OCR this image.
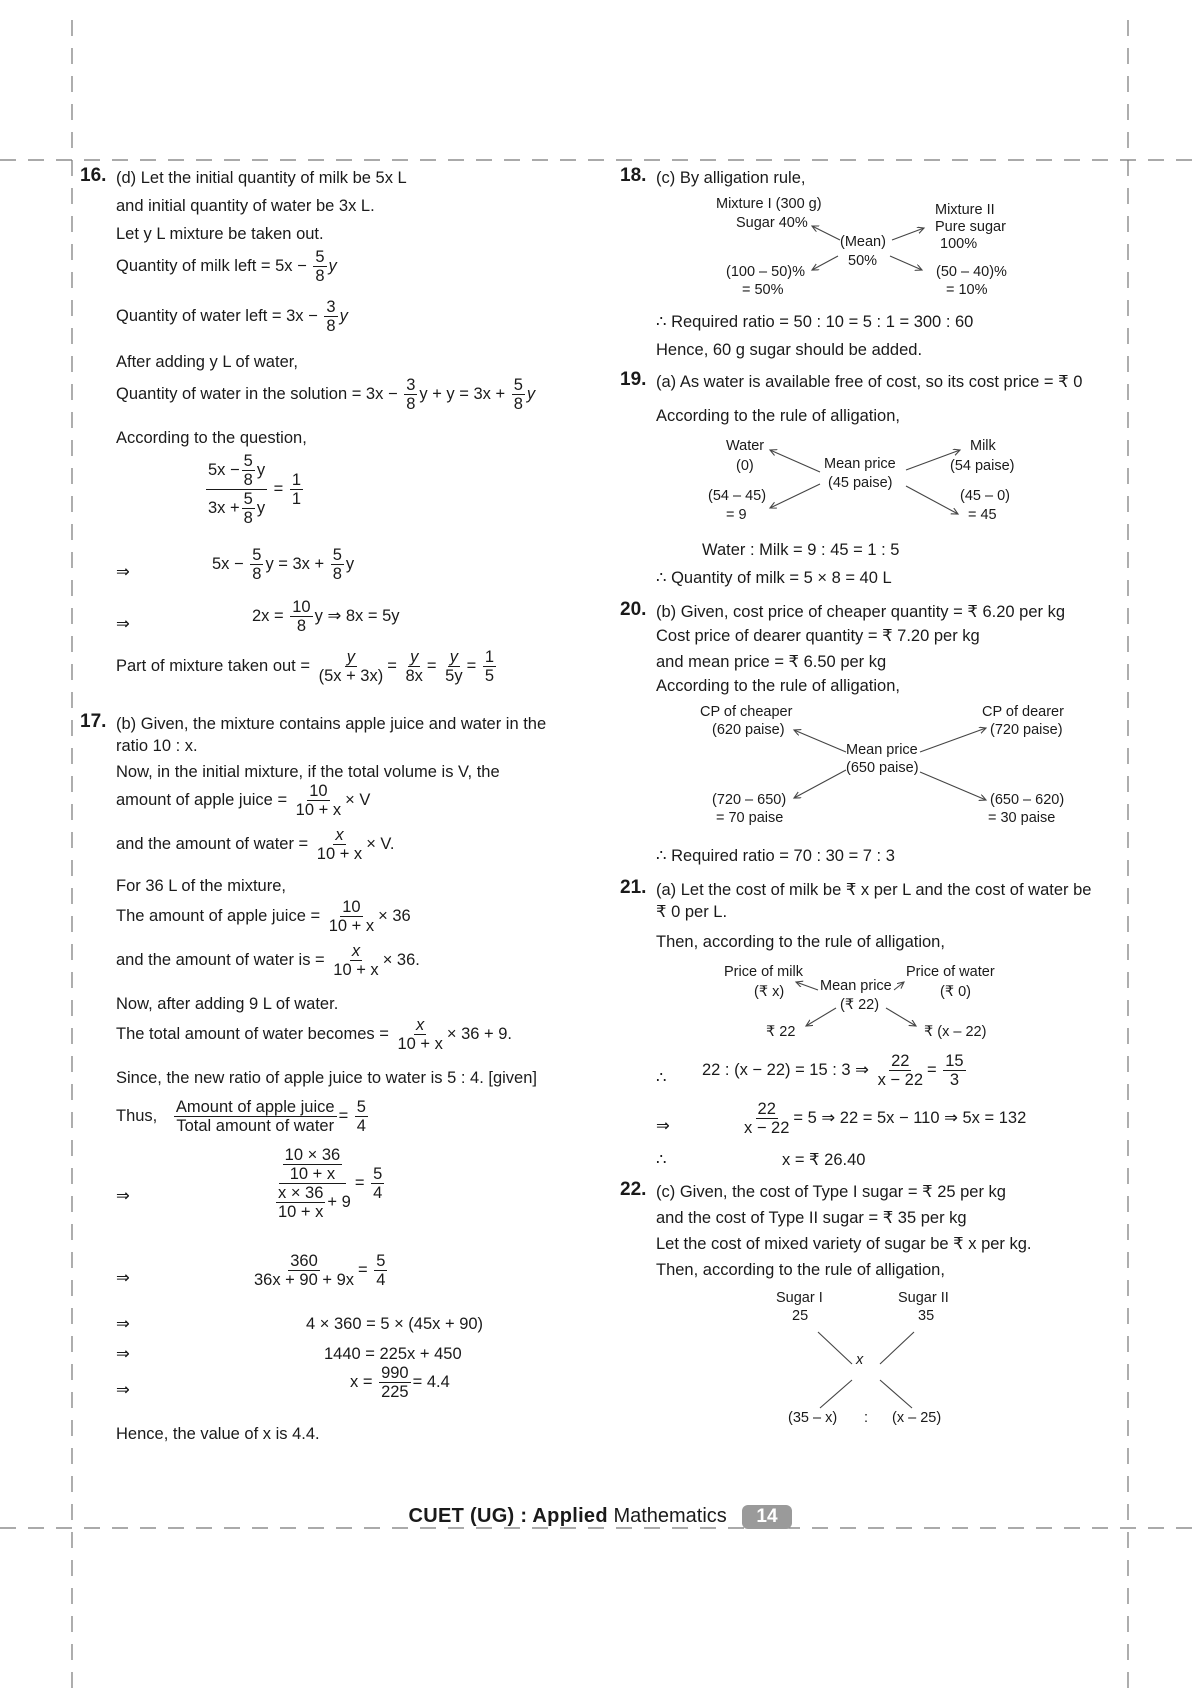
16. (d) Let the initial quantity of milk be 5x L
and initial quantity of water be 3x L.
Let y L mixture be taken out.
Quantity of milk left = $5x - \frac{5}{8}$ y
Quantity of water left = $3x - \frac{3}{8}$ y
After adding y L of water,
Quantity of water in the solution = $3x - \frac{3}{8}$ $y + y = 3x + \frac{5}{8}$ y
According to the question,
$\frac{5x - \frac{5}{8} y}{3x + \frac{5}{8} y} = \frac{1}{1}$
⇒	$5x - \frac{5}{8}$ $y = 3x + \frac{5}{8}$ y
⇒	$2x = \frac{10}{8}$ y ⇒ 8x = 5y
Part of mixture taken out = $\frac{y}{(5x + 3x)} = \frac{y}{8x} = \frac{y}{5y} = \frac{1}{5}$
17. (b) Given, the mixture contains apple juice and water in the
ratio 10 : x.
Now, in the initial mixture, if the total volume is V, the
amount of apple juice = $\frac{10}{10 + x} \times V$
and the amount of water = $\frac{x}{10 + x} \times V$.
For 36 L of the mixture,
The amount of apple juice = $\frac{10}{10 + x} \times 36$
and the amount of water is = $\frac{x}{10 + x} \times 36$.
Now, after adding 9 L of water.
The total amount of water becomes = $\frac{x}{10 + x} \times 36 + 9$.
Since, the new ratio of apple juice to water is 5 : 4. [given]
Thus, $\frac{\text{Amount of apple juice}}{\text{Total amount of water}} = \frac{5}{4}$
⇒	$\frac{\frac{10 \times 36}{10 + x}}{\frac{x \times 36}{10 + x} + 9} = \frac{5}{4}$
⇒	$\frac{360}{36x + 90 + 9x} = \frac{5}{4}$
⇒	4 × 360 = 5 × (45x + 90)
⇒	1440 = 225x + 450
⇒	$x = \frac{990}{225} = 4.4$
Hence, the value of x is 4.4.
18. (c) By alligation rule,
Mixture I (300 g)
Sugar 40%
Mixture II
Pure sugar
100%
(Mean)
50%
(100 – 50)%
= 50%
(50 – 40)%
= 10%
∴ Required ratio = 50 : 10 = 5 : 1 = 300 : 60
Hence, 60 g sugar should be added.
19. (a) As water is available free of cost, so its cost price = ₹ 0
According to the rule of alligation,
Water
(0)
Milk
(54 paise)
Mean price
(45 paise)
(54 – 45)
= 9
(45 – 0)
= 45
Water : Milk = 9 : 45 = 1 : 5
∴ Quantity of milk = 5 × 8 = 40 L
20. (b) Given, cost price of cheaper quantity = ₹ 6.20 per kg
Cost price of dearer quantity = ₹ 7.20 per kg
and mean price = ₹ 6.50 per kg
According to the rule of alligation,
CP of cheaper
(620 paise)
CP of dearer
(720 paise)
Mean price
(650 paise)
(720 – 650)
= 70 paise
(650 – 620)
= 30 paise
∴ Required ratio = 70 : 30 = 7 : 3
21. (a) Let the cost of milk be ₹ x per L and the cost of water be
₹ 0 per L.
Then, according to the rule of alligation,
Price of milk
(₹ x)
Price of water
(₹ 0)
Mean price
(₹ 22)
₹ 22	₹ (x – 22)
∴ 22 : (x − 22) = 15 : 3 ⇒ $\frac{22}{x - 22} = \frac{15}{3}$
⇒	$\frac{22}{x - 22} = 5$ ⇒ 22 = 5x − 110 ⇒ 5x = 132
∴	x = ₹ 26.40
22. (c) Given, the cost of Type I sugar = ₹ 25 per kg
and the cost of Type II sugar = ₹ 35 per kg
Let the cost of mixed variety of sugar be ₹ x per kg.
Then, according to the rule of alligation,
Sugar I
25
Sugar II
35
x
(35 – x) : (x – 25)
CUET (UG) : Applied Mathematics 14
